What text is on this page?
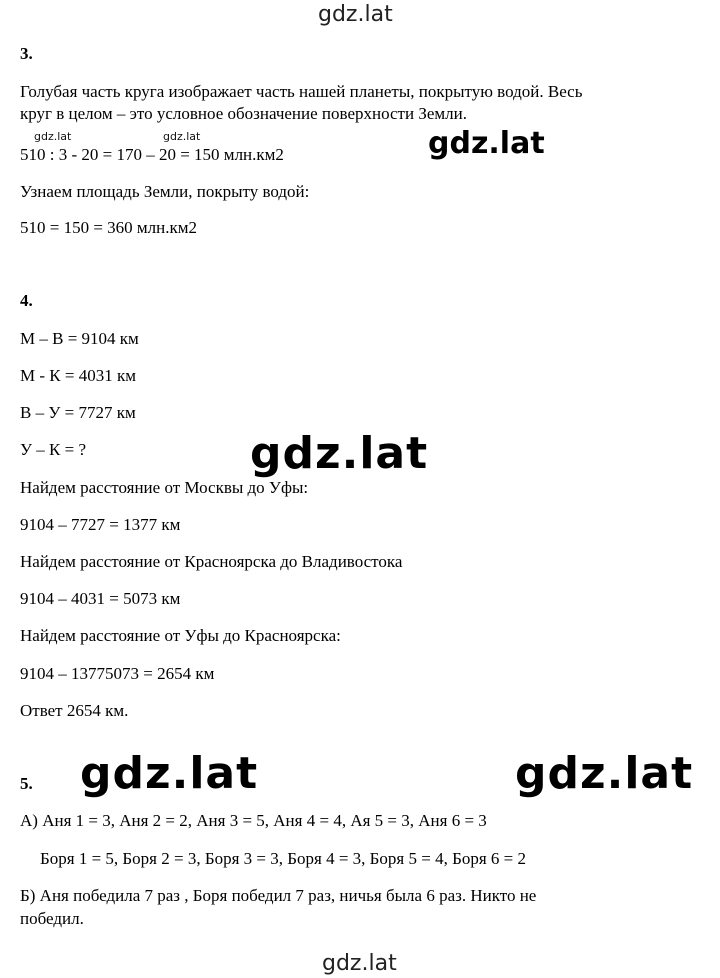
gdz.lat
gdz.lat	gdz.lat	gdz.lat
gdz.lat
gdz.lat	gdz.lat
gdz.lat
3.
Голубая часть круга изображает часть нашей планеты, покрытую водой. Весь
круг в целом – это условное обозначение поверхности Земли.
510 : 3 - 20 = 170 – 20 = 150 млн.км2
Узнаем площадь Земли, покрыту водой:
510 = 150 = 360 млн.км2
4.
М – В = 9104 км
М - К = 4031 км
В – У = 7727 км
У – К = ?
Найдем расстояние от Москвы до Уфы:
9104 – 7727 = 1377 км
Найдем расстояние от Красноярска до Владивостока
9104 – 4031 = 5073 км
Найдем расстояние от Уфы до Красноярска:
9104 – 13775073 = 2654 км
Ответ 2654 км.
5.
А) Аня 1 = 3, Аня 2 = 2, Аня 3 = 5, Аня 4 = 4, Ая 5 = 3, Аня 6 = 3
Боря 1 = 5, Боря 2 = 3, Боря 3 = 3, Боря 4 = 3, Боря 5 = 4, Боря 6 = 2
Б) Аня победила 7 раз , Боря победил 7 раз, ничья была 6 раз. Никто не
победил.
